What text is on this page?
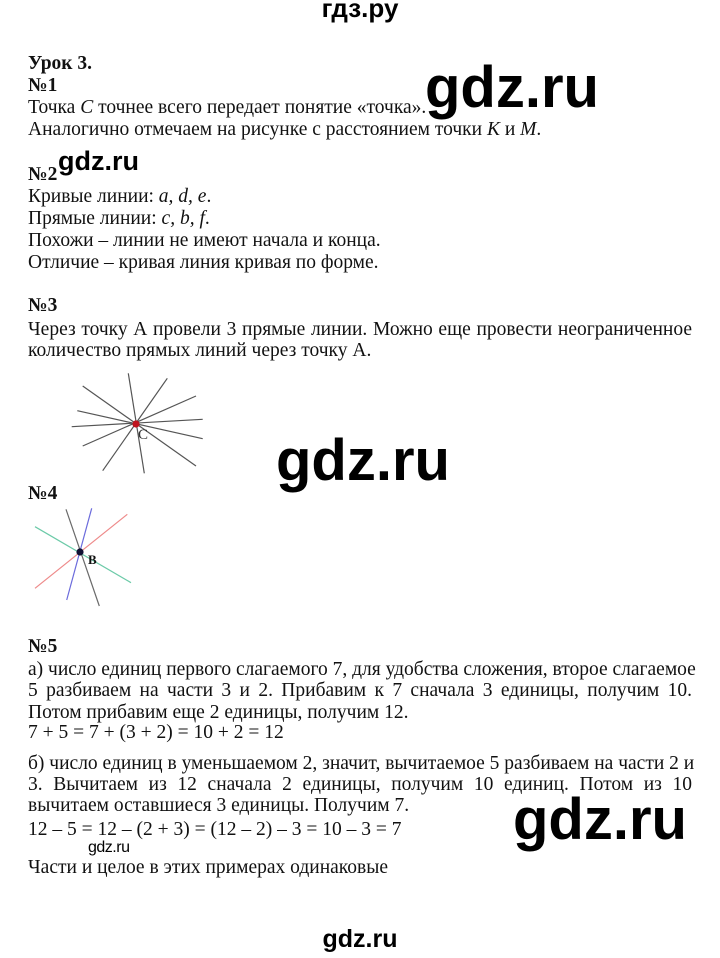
гдз.ру
Урок 3.
№1
Точка C точнее всего передает понятие «точка».
Аналогично отмечаем на рисунке с расстоянием точки K и M.
№2
Кривые линии: a, d, e.
Прямые линии: c, b, f.
Похожи – линии не имеют начала и конца.
Отличие – кривая линия кривая по форме.
№3
Через точку А провели 3 прямые линии. Можно еще провести неограниченное
количество прямых линий через точку А.
C
№4
B
№5
а) число единиц первого слагаемого 7, для удобства сложения, второе слагаемое
5 разбиваем на части 3 и 2. Прибавим к 7 сначала 3 единицы, получим 10.
Потом прибавим еще 2 единицы, получим 12.
7 + 5 = 7 + (3 + 2) = 10 + 2 = 12
б) число единиц в уменьшаемом 2, значит, вычитаемое 5 разбиваем на части 2 и
3. Вычитаем из 12 сначала 2 единицы, получим 10 единиц. Потом из 10
вычитаем оставшиеся 3 единицы. Получим 7.
12 – 5 = 12 – (2 + 3) = (12 – 2) – 3 = 10 – 3 = 7
Части и целое в этих примерах одинаковые
gdz.ru
gdz.ru
gdz.ru
gdz.ru
gdz.ru
gdz.ru
